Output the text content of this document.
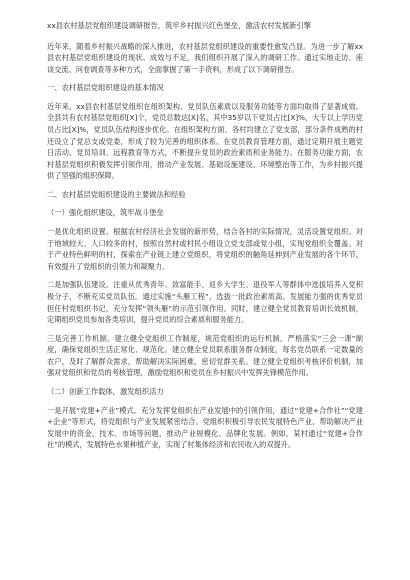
xx县农村基层党组织建设调研报告，筑牢乡村振兴红色堡垒，激活农村发展新引擎

近年来，随着乡村振兴战略的深入推进，农村基层党组织建设的重要性愈发凸显。为进一步了解xx县农村基层党组织建设的现状、成效与不足，我们组织开展了深入的调研工作。通过实地走访、座谈交流、问卷调查等多种方式，全面掌握了第一手资料，形成了以下调研报告。

一、农村基层党组织建设的基本情况

近年来，xx县农村基层党组织在组织架构、党员队伍素质以及服务功能等方面均取得了显著成效。全县共有农村基层党组织[X]个，党员总数达[X]名，其中35岁以下党员占比[X]%，大专以上学历党员占比[X]%，党员队伍结构逐步优化。在组织架构方面，各村均建立了党支部，部分条件成熟的村还设立了党总支或党委，形成了较为完善的组织体系。在党员教育管理方面，通过定期开展主题党日活动、党员培训、远程教育等方式，不断提升党员的政治素质和业务能力。在服务功能方面，农村基层党组织积极发挥引领作用，推动产业发展、基础设施建设、环境整治等工作，为乡村振兴提供了坚强的组织保障。

二、农村基层党组织建设的主要做法和经验
（一）强化组织建设，筑牢战斗堡垒

一是优化组织设置。根据农村经济社会发展的新形势，结合各村的实际情况，灵活设置党组织。对于地域较大、人口较多的村，按照自然村或村民小组设立党支部或党小组，实现党组织全覆盖。对于产业特色鲜明的村，探索在产业链上建立党组织，将党组织的触角延伸到产业发展的各个环节，有效提升了党组织的引领力和凝聚力。

二是加强队伍建设。注重从优秀青年、致富能手、返乡大学生、退役军人等群体中选拔培养入党积极分子，不断充实党员队伍。通过实施“头雁工程”，选拔一批政治素质高、发展能力强的优秀党员担任村党组织书记，充分发挥“领头雁”的示范引领作用。同时，建立健全党员教育培训长效机制，定期组织党员参加各类培训，提升党员的综合素质和服务能力。

三是完善工作机制。建立健全党组织工作制度，规范党组织的运行机制。严格落实“三会一课”制度，确保党组织生活正常化、规范化。建立健全党员联系服务群众制度，每名党员联系一定数量的农户，及时了解群众需求，帮助解决实际困难，密切党群关系。建立健全党组织考核评价机制，加强对党组织和党员的考核管理，激励党组织和党员在乡村振兴中发挥先锋模范作用。

（二）创新工作载体，激发组织活力

一是开展“党建+产业”模式。充分发挥党组织在产业发展中的引领作用，通过“党建+合作社”“党建+企业”等形式，将党组织与产业发展紧密结合。党组织积极引导农民发展特色产业，帮助解决产业发展中的资金、技术、市场等问题，推动产业规模化、品牌化发展。例如，某村通过“党建+合作社”的模式，发展特色水果种植产业，实现了村集体经济和农民收入的双提升。
